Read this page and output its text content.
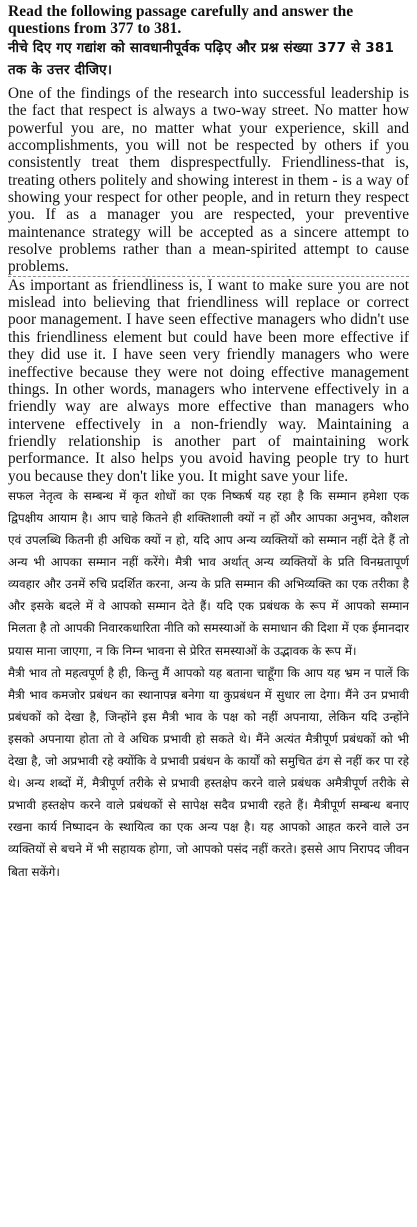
Read the following passage carefully and answer the questions from 377 to 381.

नीचे दिए गए गद्यांश को सावधानीपूर्वक पढ़िए और प्रश्न संख्या 377 से 381 तक के उत्तर दीजिए।

One of the findings of the research into successful leadership is the fact that respect is always a two-way street. No matter how powerful you are, no matter what your experience, skill and accomplishments, you will not be respected by others if you consistently treat them disprespectfully. Friendliness-that is, treating others politely and showing interest in them - is a way of showing your respect for other people, and in return they respect you. If as a manager you are respected, your preventive maintenance strategy will be accepted as a sincere attempt to resolve problems rather than a mean-spirited attempt to cause problems.

As important as friendliness is, I want to make sure you are not mislead into believing that friendliness will replace or correct poor management. I have seen effective managers who didn't use this friendliness element but could have been more effective if they did use it. I have seen very friendly managers who were ineffective because they were not doing effective management things. In other words, managers who intervene effectively in a friendly way are always more effective than managers who intervene effectively in a non-friendly way. Maintaining a friendly relationship is another part of maintaining work performance. It also helps you avoid having people try to hurt you because they don't like you. It might save your life.

सफल नेतृत्व के सम्बन्ध में कृत शोधों का एक निष्कर्ष यह रहा है कि सम्मान हमेशा एक द्विपक्षीय आयाम है। आप चाहे कितने ही शक्तिशाली क्यों न हों और आपका अनुभव, कौशल एवं उपलब्धि कितनी ही अधिक क्यों न हो, यदि आप अन्य व्यक्तियों को सम्मान नहीं देते हैं तो अन्य भी आपका सम्मान नहीं करेंगे। मैत्री भाव अर्थात् अन्य व्यक्तियों के प्रति विनम्रतापूर्ण व्यवहार और उनमें रुचि प्रदर्शित करना, अन्य के प्रति सम्मान की अभिव्यक्ति का एक तरीका है और इसके बदले में वे आपको सम्मान देते हैं। यदि एक प्रबंधक के रूप में आपको सम्मान मिलता है तो आपकी निवारकधारिता नीति को समस्याओं के समाधान की दिशा में एक ईमानदार प्रयास माना जाएगा, न कि निम्न भावना से प्रेरित समस्याओं के उद्भावक के रूप में।

मैत्री भाव तो महत्वपूर्ण है ही, किन्तु मैं आपको यह बताना चाहूँगा कि आप यह भ्रम न पालें कि मैत्री भाव कमजोर प्रबंधन का स्थानापन्न बनेगा या कुप्रबंधन में सुधार ला देगा। मैंने उन प्रभावी प्रबंधकों को देखा है, जिन्होंने इस मैत्री भाव के पक्ष को नहीं अपनाया, लेकिन यदि उन्होंने इसको अपनाया होता तो वे अधिक प्रभावी हो सकते थे। मैंने अत्यंत मैत्रीपूर्ण प्रबंधकों को भी देखा है, जो अप्रभावी रहे क्योंकि वे प्रभावी प्रबंधन के कार्यों को समुचित ढंग से नहीं कर पा रहे थे। अन्य शब्दों में, मैत्रीपूर्ण तरीके से प्रभावी हस्तक्षेप करने वाले प्रबंधक अमैत्रीपूर्ण तरीके से प्रभावी हस्तक्षेप करने वाले प्रबंधकों से सापेक्ष सदैव प्रभावी रहते हैं। मैत्रीपूर्ण सम्बन्ध बनाए रखना कार्य निष्पादन के स्थायित्व का एक अन्य पक्ष है। यह आपको आहत करने वाले उन व्यक्तियों से बचने में भी सहायक होगा, जो आपको पसंद नहीं करते। इससे आप निरापद जीवन बिता सकेंगे।
